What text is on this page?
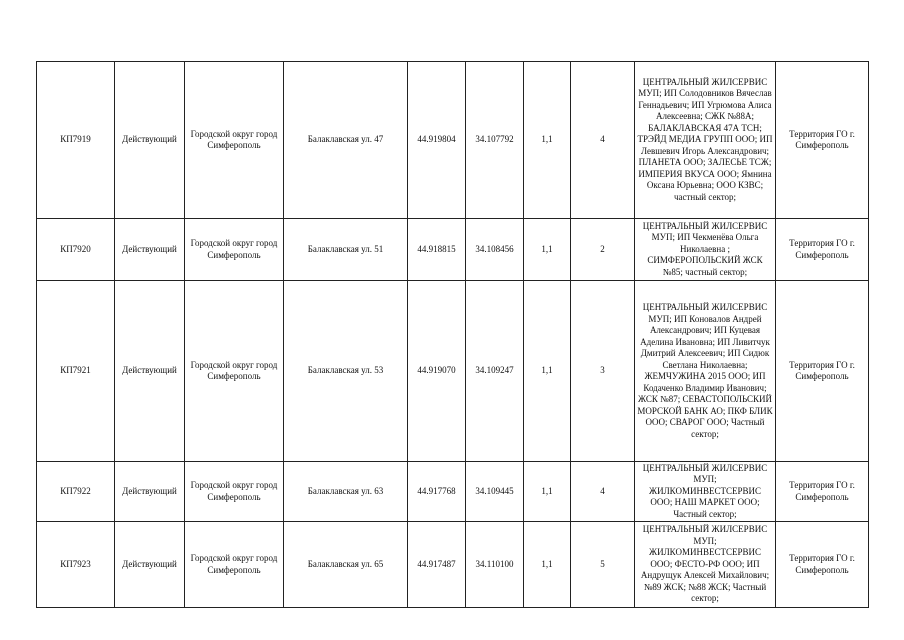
КП7919	Действующий	Городской округ город Симферополь	Балаклавская ул. 47	44.919804	34.107792	1,1	4	ЦЕНТРАЛЬНЫЙ ЖИЛСЕРВИС МУП; ИП Солодовников Вячеслав Геннадьевич; ИП Угрюмова Алиса Алексеевна; СЖК №88А; БАЛАКЛАВСКАЯ 47А ТСН; ТРЭЙД МЕДИА ГРУПП ООО; ИП Левшевич Игорь Александрович; ПЛАНЕТА ООО; ЗАЛЕСЬЕ ТСЖ; ИМПЕРИЯ ВКУСА ООО; Ямнина Оксана Юрьевна; ООО КЗВС; частный сектор;	Территория ГО г. Симферополь
КП7920	Действующий	Городской округ город Симферополь	Балаклавская ул. 51	44.918815	34.108456	1,1	2	ЦЕНТРАЛЬНЫЙ ЖИЛСЕРВИС МУП; ИП Чекменёва Ольга Николаевна ; СИМФЕРОПОЛЬСКИЙ ЖСК №85; частный сектор;	Территория ГО г. Симферополь
КП7921	Действующий	Городской округ город Симферополь	Балаклавская ул. 53	44.919070	34.109247	1,1	3	ЦЕНТРАЛЬНЫЙ ЖИЛСЕРВИС МУП; ИП Коновалов Андрей Александрович; ИП Куцевая Аделина Ивановна; ИП Ливитчук Дмитрий Алексеевич; ИП Сидюк Светлана Николаевна; ЖЕМЧУЖИНА 2015 ООО; ИП Кодаченко Владимир Иванович; ЖСК №87; СЕВАСТОПОЛЬСКИЙ МОРСКОЙ БАНК АО; ПКФ БЛИК ООО; СВАРОГ ООО; Частный сектор;	Территория ГО г. Симферополь
КП7922	Действующий	Городской округ город Симферополь	Балаклавская ул. 63	44.917768	34.109445	1,1	4	ЦЕНТРАЛЬНЫЙ ЖИЛСЕРВИС МУП; ЖИЛКОМИНВЕСТСЕРВИС ООО; НАШ МАРКЕТ ООО; Частный сектор;	Территория ГО г. Симферополь
КП7923	Действующий	Городской округ город Симферополь	Балаклавская ул. 65	44.917487	34.110100	1,1	5	ЦЕНТРАЛЬНЫЙ ЖИЛСЕРВИС МУП; ЖИЛКОМИНВЕСТСЕРВИС ООО; ФЕСТО-РФ ООО; ИП Андрущук Алексей Михайлович; №89 ЖСК; №88 ЖСК; Частный сектор;	Территория ГО г. Симферополь
